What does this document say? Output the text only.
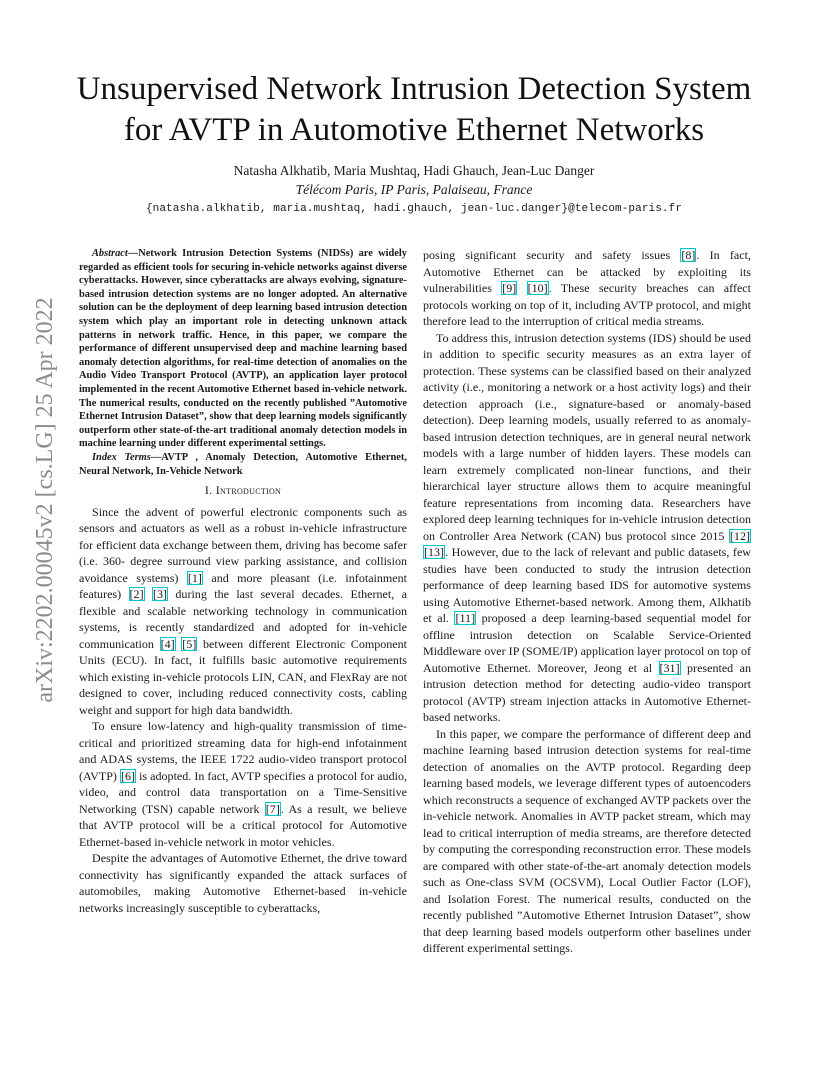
Unsupervised Network Intrusion Detection System
for AVTP in Automotive Ethernet Networks
Natasha Alkhatib, Maria Mushtaq, Hadi Ghauch, Jean-Luc Danger
Télécom Paris, IP Paris, Palaiseau, France
{natasha.alkhatib, maria.mushtaq, hadi.ghauch, jean-luc.danger}@telecom-paris.fr
arXiv:2202.00045v2 [cs.LG] 25 Apr 2022

Abstract—Network Intrusion Detection Systems (NIDSs) are widely regarded as efficient tools for securing in-vehicle networks against diverse cyberattacks. However, since cyberattacks are always evolving, signature-based intrusion detection systems are no longer adopted. An alternative solution can be the deployment of deep learning based intrusion detection system which play an important role in detecting unknown attack patterns in network traffic. Hence, in this paper, we compare the performance of different unsupervised deep and machine learning based anomaly detection algorithms, for real-time detection of anomalies on the Audio Video Transport Protocol (AVTP), an application layer protocol implemented in the recent Automotive Ethernet based in-vehicle network. The numerical results, conducted on the recently published ”Automotive Ethernet Intrusion Dataset”, show that deep learning models significantly outperform other state-of-the-art traditional anomaly detection models in machine learning under different experimental settings.

Index Terms—AVTP , Anomaly Detection, Automotive Ethernet, Neural Network, In-Vehicle Network

I. Introduction

Since the advent of powerful electronic components such as sensors and actuators as well as a robust in-vehicle infrastructure for efficient data exchange between them, driving has become safer (i.e. 360- degree surround view parking assistance, and collision avoidance systems) [1] and more pleasant (i.e. infotainment features) [2] [3] during the last several decades. Ethernet, a flexible and scalable networking technology in communication systems, is recently standardized and adopted for in-vehicle communication [4] [5] between different Electronic Component Units (ECU). In fact, it fulfills basic automotive requirements which existing in-vehicle protocols LIN, CAN, and FlexRay are not designed to cover, including reduced connectivity costs, cabling weight and support for high data bandwidth.

To ensure low-latency and high-quality transmission of time-critical and prioritized streaming data for high-end infotainment and ADAS systems, the IEEE 1722 audio-video transport protocol (AVTP) [6] is adopted. In fact, AVTP specifies a protocol for audio, video, and control data transportation on a Time-Sensitive Networking (TSN) capable network [7]. As a result, we believe that AVTP protocol will be a critical protocol for Automotive Ethernet-based in-vehicle network in motor vehicles.

Despite the advantages of Automotive Ethernet, the drive toward connectivity has significantly expanded the attack surfaces of automobiles, making Automotive Ethernet-based in-vehicle networks increasingly susceptible to cyberattacks,

posing significant security and safety issues [8]. In fact, Automotive Ethernet can be attacked by exploiting its vulnerabilities [9] [10]. These security breaches can affect protocols working on top of it, including AVTP protocol, and might therefore lead to the interruption of critical media streams.

To address this, intrusion detection systems (IDS) should be used in addition to specific security measures as an extra layer of protection. These systems can be classified based on their analyzed activity (i.e., monitoring a network or a host activity logs) and their detection approach (i.e., signature-based or anomaly-based detection). Deep learning models, usually referred to as anomaly-based intrusion detection techniques, are in general neural network models with a large number of hidden layers. These models can learn extremely complicated non-linear functions, and their hierarchical layer structure allows them to acquire meaningful feature representations from incoming data. Researchers have explored deep learning techniques for in-vehicle intrusion detection on Controller Area Network (CAN) bus protocol since 2015 [12] [13]. However, due to the lack of relevant and public datasets, few studies have been conducted to study the intrusion detection performance of deep learning based IDS for automotive systems using Automotive Ethernet-based network. Among them, Alkhatib et al. [11] proposed a deep learning-based sequential model for offline intrusion detection on Scalable Service-Oriented Middleware over IP (SOME/IP) application layer protocol on top of Automotive Ethernet. Moreover, Jeong et al [31] presented an intrusion detection method for detecting audio-video transport protocol (AVTP) stream injection attacks in Automotive Ethernet-based networks.

In this paper, we compare the performance of different deep and machine learning based intrusion detection systems for real-time detection of anomalies on the AVTP protocol. Regarding deep learning based models, we leverage different types of autoencoders which reconstructs a sequence of exchanged AVTP packets over the in-vehicle network. Anomalies in AVTP packet stream, which may lead to critical interruption of media streams, are therefore detected by computing the corresponding reconstruction error. These models are compared with other state-of-the-art anomaly detection models such as One-class SVM (OCSVM), Local Outlier Factor (LOF), and Isolation Forest. The numerical results, conducted on the recently published ”Automotive Ethernet Intrusion Dataset”, show that deep learning based models outperform other baselines under different experimental settings.
